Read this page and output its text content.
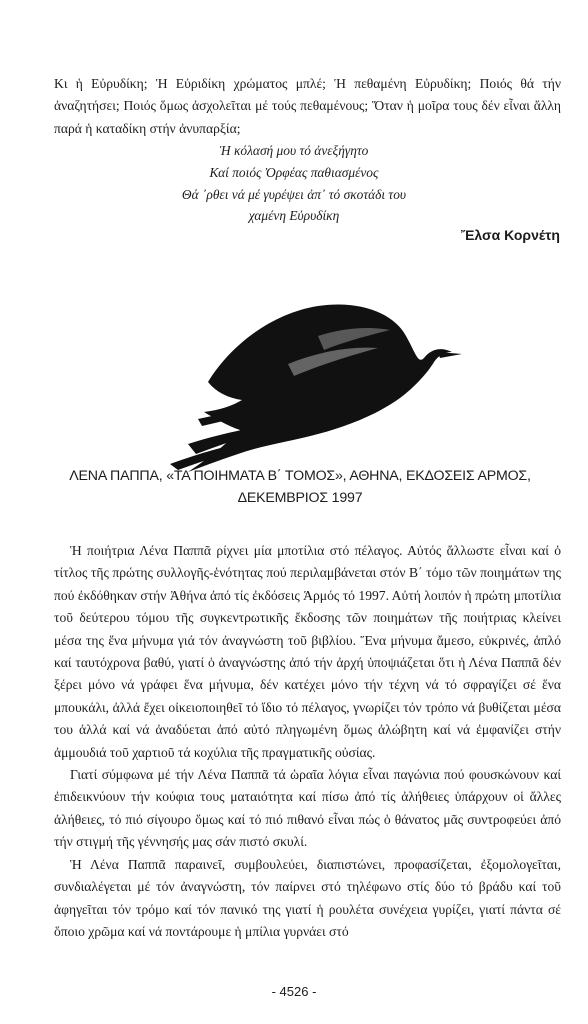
Κι ἡ Εὐρυδίκη; Ἡ Εὐριδίκη χρώματος μπλέ; Ἡ πεθαμένη Εὐρυδίκη; Ποιός θά τήν ἀναζητήσει; Ποιός ὅμως ἀσχολεῖται μέ τούς πεθαμένους; Ὅταν ἡ μοῖρα τους δέν εἶναι ἄλλη παρά ἡ καταδίκη στήν ἀνυπαρξία;

Ἡ κόλασή μου τό ἀνεξήγητο
Καί ποιός Ὀρφέας παθιασμένος
Θά ᾿ρθει νά μέ γυρέψει ἀπ᾿ τό σκοτάδι του
χαμένη Εὐρυδίκη
Ἔλσα Κορνέτη
ΛΕΝΑ ΠΑΠΠΑ, «ΤΑ ΠΟΙΗΜΑΤΑ Β΄ ΤΟΜΟΣ», ΑΘΗΝΑ, ΕΚΔΟΣΕΙΣ ΑΡΜΟΣ,
ΔΕΚΕΜΒΡΙΟΣ 1997

Ἡ ποιήτρια Λένα Παππᾶ ρίχνει μία μποτίλια στό πέλαγος. Αὐτός ἄλλωστε εἶναι καί ὁ τίτλος τῆς πρώτης συλλογῆς-ἑνότητας πού περιλαμβάνεται στόν Β΄ τόμο τῶν ποιημάτων της πού ἐκδόθηκαν στήν Ἀθήνα ἀπό τίς ἐκδόσεις Ἁρμός τό 1997. Αὐτή λοιπόν ἡ πρώτη μποτίλια τοῦ δεύτερου τόμου τῆς συγκεντρωτικῆς ἔκδοσης τῶν ποιημάτων τῆς ποιήτριας κλείνει μέσα της ἕνα μήνυμα γιά τόν ἀναγνώστη τοῦ βιβλίου. Ἕνα μήνυμα ἄμεσο, εὐκρινές, ἁπλό καί ταυτόχρονα βαθύ, γιατί ὁ ἀναγνώστης ἀπό τήν ἀρχή ὑποψιάζεται ὅτι ἡ Λένα Παππᾶ δέν ξέρει μόνο νά γράφει ἕνα μήνυμα, δέν κατέχει μόνο τήν τέχνη νά τό σφραγίζει σέ ἕνα μπουκάλι, ἀλλά ἔχει οἰκειοποιηθεῖ τό ἴδιο τό πέλαγος, γνωρίζει τόν τρόπο νά βυθίζεται μέσα του ἀλλά καί νά ἀναδύεται ἀπό αὐτό πληγωμένη ὅμως ἀλώβητη καί νά ἐμφανίζει στήν ἀμμουδιά τοῦ χαρτιοῦ τά κοχύλια τῆς πραγματικῆς οὐσίας.

Γιατί σύμφωνα μέ τήν Λένα Παππᾶ τά ὡραῖα λόγια εἶναι παγώνια πού φουσκώνουν καί ἐπιδεικνύουν τήν κούφια τους ματαιότητα καί πίσω ἀπό τίς ἀλήθειες ὑπάρχουν οἱ ἄλλες ἀλήθειες, τό πιό σίγουρο ὅμως καί τό πιό πιθανό εἶναι πώς ὁ θάνατος μᾶς συντροφεύει ἀπό τήν στιγμή τῆς γέννησής μας σάν πιστό σκυλί.

Ἡ Λένα Παππᾶ παραινεῖ, συμβουλεύει, διαπιστώνει, προφασίζεται, ἐξομολογεῖται, συνδιαλέγεται μέ τόν ἀναγνώστη, τόν παίρνει στό τηλέφωνο στίς δύο τό βράδυ καί τοῦ ἀφηγεῖται τόν τρόμο καί τόν πανικό της γιατί ἡ ρουλέτα συνέχεια γυρίζει, γιατί πάντα σέ ὅποιο χρῶμα καί νά ποντάρουμε ἡ μπίλια γυρνάει στό

- 4526 -
